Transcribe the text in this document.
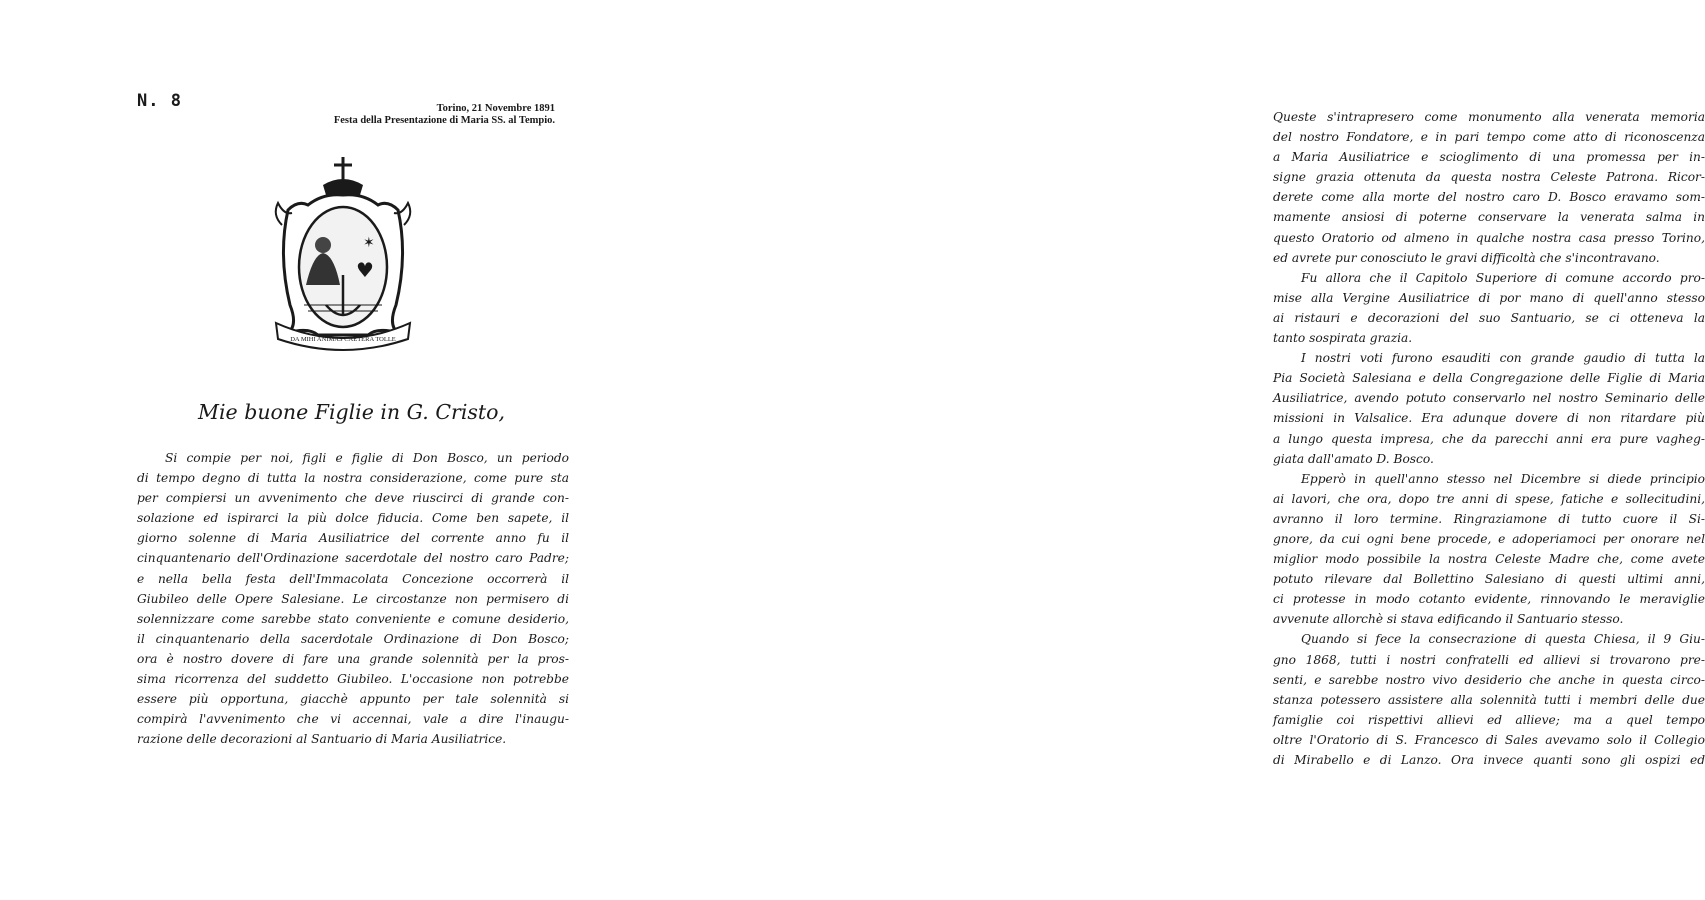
N. 8	Torino, 21 Novembre 1891
Festa della Presentazione di Maria SS. al Tempio.
✶
♥
DA MIHI ANIMAS CAETERA TOLLE
Mie buone Figlie in G. Cristo,
Si compie per noi, figli e figlie di Don Bosco, un periodo
di tempo degno di tutta la nostra considerazione, come pure sta
per compiersi un avvenimento che deve riuscirci di grande con-
solazione ed ispirarci la più dolce fiducia. Come ben sapete, il
giorno solenne di Maria Ausiliatrice del corrente anno fu il
cinquantenario dell'Ordinazione sacerdotale del nostro caro Padre;
e nella bella festa dell'Immacolata Concezione occorrerà il
Giubileo delle Opere Salesiane. Le circostanze non permisero di
solennizzare come sarebbe stato conveniente e comune desiderio,
il cinquantenario della sacerdotale Ordinazione di Don Bosco;
ora è nostro dovere di fare una grande solennità per la pros-
sima ricorrenza del suddetto Giubileo. L'occasione non potrebbe
essere più opportuna, giacchè appunto per tale solennità si
compirà l'avvenimento che vi accennai, vale a dire l'inaugu-
razione delle decorazioni al Santuario di Maria Ausiliatrice.
Queste s'intrapresero come monumento alla venerata memoria
del nostro Fondatore, e in pari tempo come atto di riconoscenza
a Maria Ausiliatrice e scioglimento di una promessa per in-
signe grazia ottenuta da questa nostra Celeste Patrona. Ricor-
derete come alla morte del nostro caro D. Bosco eravamo som-
mamente ansiosi di poterne conservare la venerata salma in
questo Oratorio od almeno in qualche nostra casa presso Torino,
ed avrete pur conosciuto le gravi difficoltà che s'incontravano.
Fu allora che il Capitolo Superiore di comune accordo pro-
mise alla Vergine Ausiliatrice di por mano di quell'anno stesso
ai ristauri e decorazioni del suo Santuario, se ci otteneva la
tanto sospirata grazia.
I nostri voti furono esauditi con grande gaudio di tutta la
Pia Società Salesiana e della Congregazione delle Figlie di Maria
Ausiliatrice, avendo potuto conservarlo nel nostro Seminario delle
missioni in Valsalice. Era adunque dovere di non ritardare più
a lungo questa impresa, che da parecchi anni era pure vagheg-
giata dall'amato D. Bosco.
Epperò in quell'anno stesso nel Dicembre si diede principio
ai lavori, che ora, dopo tre anni di spese, fatiche e sollecitudini,
avranno il loro termine. Ringraziamone di tutto cuore il Si-
gnore, da cui ogni bene procede, e adoperiamoci per onorare nel
miglior modo possibile la nostra Celeste Madre che, come avete
potuto rilevare dal Bollettino Salesiano di questi ultimi anni,
ci protesse in modo cotanto evidente, rinnovando le meraviglie
avvenute allorchè si stava edificando il Santuario stesso.
Quando si fece la consecrazione di questa Chiesa, il 9 Giu-
gno 1868, tutti i nostri confratelli ed allievi si trovarono pre-
senti, e sarebbe nostro vivo desiderio che anche in questa circo-
stanza potessero assistere alla solennità tutti i membri delle due
famiglie coi rispettivi allievi ed allieve; ma a quel tempo
oltre l'Oratorio di S. Francesco di Sales avevamo solo il Collegio
di Mirabello e di Lanzo. Ora invece quanti sono gli ospizi ed
